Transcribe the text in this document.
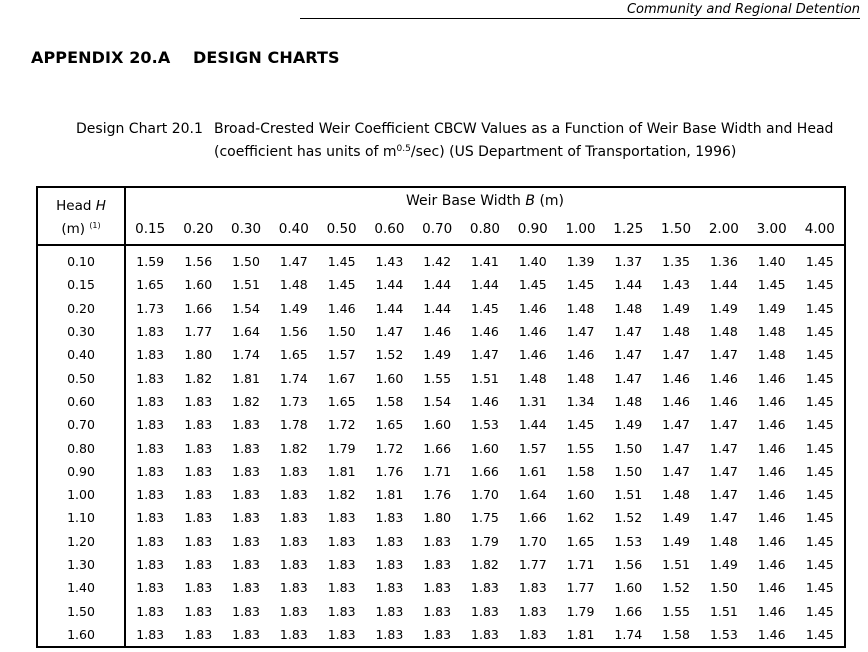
Community and Regional Detention
APPENDIX 20.A DESIGN CHARTS
Design Chart 20.1 Broad-Crested Weir Coefficient CBCW Values as a Function of Weir Base Width and Head
(coefficient has units of $m^{0.5}/\sec$) (US Department of Transportation, 1996)
Head H
(m) $^{(1)}$	Weir Base Width B (m)														
	0.15	0.20	0.30	0.40	0.50	0.60	0.70	0.80	0.90	1.00	1.25	1.50	2.00	3.00	4.00
0.10	1.59	1.56	1.50	1.47	1.45	1.43	1.42	1.41	1.40	1.39	1.37	1.35	1.36	1.40	1.45
0.15	1.65	1.60	1.51	1.48	1.45	1.44	1.44	1.44	1.45	1.45	1.44	1.43	1.44	1.45	1.45
0.20	1.73	1.66	1.54	1.49	1.46	1.44	1.44	1.45	1.46	1.48	1.48	1.49	1.49	1.49	1.45
0.30	1.83	1.77	1.64	1.56	1.50	1.47	1.46	1.46	1.46	1.47	1.47	1.48	1.48	1.48	1.45
0.40	1.83	1.80	1.74	1.65	1.57	1.52	1.49	1.47	1.46	1.46	1.47	1.47	1.47	1.48	1.45
0.50	1.83	1.82	1.81	1.74	1.67	1.60	1.55	1.51	1.48	1.48	1.47	1.46	1.46	1.46	1.45
0.60	1.83	1.83	1.82	1.73	1.65	1.58	1.54	1.46	1.31	1.34	1.48	1.46	1.46	1.46	1.45
0.70	1.83	1.83	1.83	1.78	1.72	1.65	1.60	1.53	1.44	1.45	1.49	1.47	1.47	1.46	1.45
0.80	1.83	1.83	1.83	1.82	1.79	1.72	1.66	1.60	1.57	1.55	1.50	1.47	1.47	1.46	1.45
0.90	1.83	1.83	1.83	1.83	1.81	1.76	1.71	1.66	1.61	1.58	1.50	1.47	1.47	1.46	1.45
1.00	1.83	1.83	1.83	1.83	1.82	1.81	1.76	1.70	1.64	1.60	1.51	1.48	1.47	1.46	1.45
1.10	1.83	1.83	1.83	1.83	1.83	1.83	1.80	1.75	1.66	1.62	1.52	1.49	1.47	1.46	1.45
1.20	1.83	1.83	1.83	1.83	1.83	1.83	1.83	1.79	1.70	1.65	1.53	1.49	1.48	1.46	1.45
1.30	1.83	1.83	1.83	1.83	1.83	1.83	1.83	1.82	1.77	1.71	1.56	1.51	1.49	1.46	1.45
1.40	1.83	1.83	1.83	1.83	1.83	1.83	1.83	1.83	1.83	1.77	1.60	1.52	1.50	1.46	1.45
1.50	1.83	1.83	1.83	1.83	1.83	1.83	1.83	1.83	1.83	1.79	1.66	1.55	1.51	1.46	1.45
1.60	1.83	1.83	1.83	1.83	1.83	1.83	1.83	1.83	1.83	1.81	1.74	1.58	1.53	1.46	1.45
